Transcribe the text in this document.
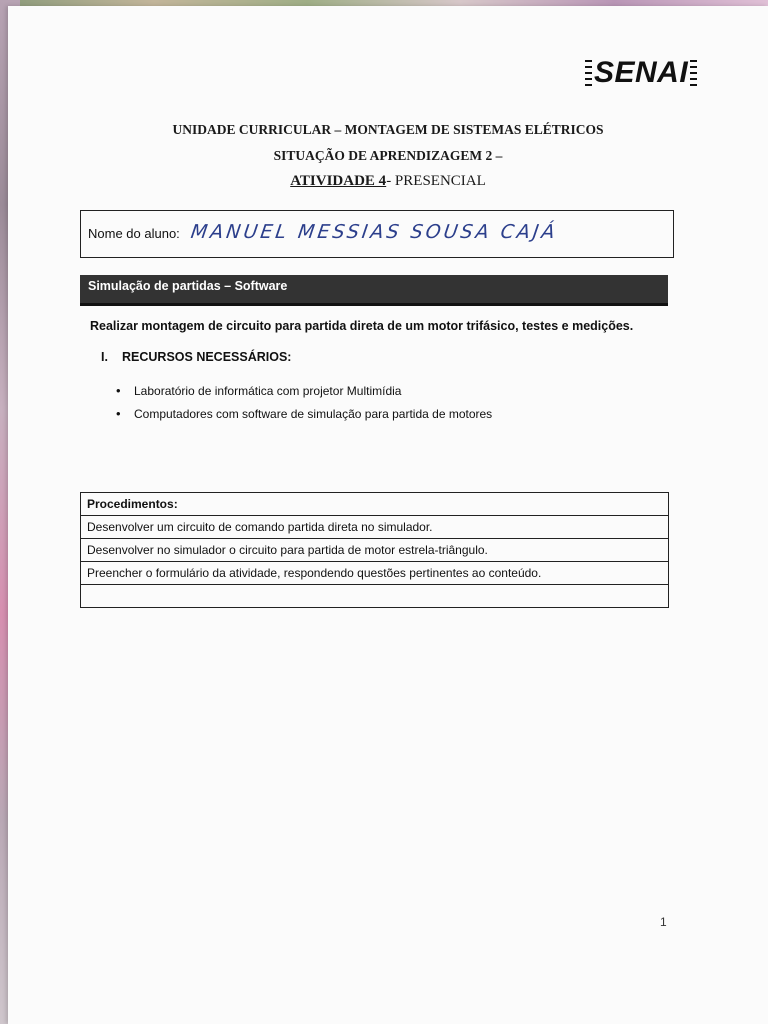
SENAI
UNIDADE CURRICULAR – MONTAGEM DE SISTEMAS ELÉTRICOS
SITUAÇÃO DE APRENDIZAGEM 2 –
ATIVIDADE 4- PRESENCIAL
Nome do aluno: MANUEL MESSIAS SOUSA CAJÁ
Simulação de partidas – Software
Realizar montagem de circuito para partida direta de um motor trifásico, testes e medições.
I. RECURSOS NECESSÁRIOS:
• Laboratório de informática com projetor Multimídia
• Computadores com software de simulação para partida de motores
Procedimentos:
Desenvolver um circuito de comando partida direta no simulador.
Desenvolver no simulador o circuito para partida de motor estrela-triângulo.
Preencher o formulário da atividade, respondendo questões pertinentes ao conteúdo.

1
